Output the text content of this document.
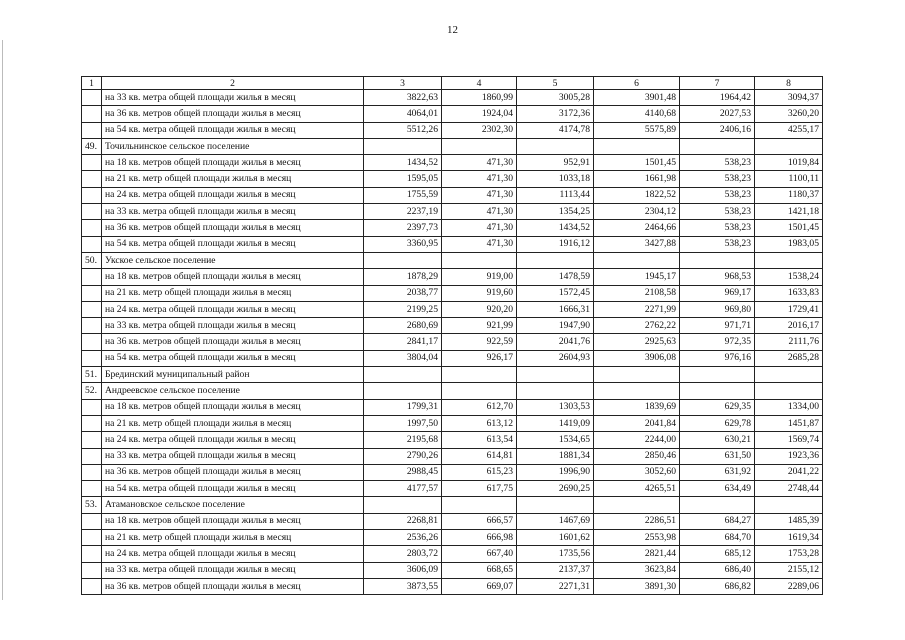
12
1	2	3	4	5	6	7	8
	на 33 кв. метра общей площади жилья в месяц	3822,63	1860,99	3005,28	3901,48	1964,42	3094,37
	на 36 кв. метров общей площади жилья в месяц	4064,01	1924,04	3172,36	4140,68	2027,53	3260,20
	на 54 кв. метра общей площади жилья в месяц	5512,26	2302,30	4174,78	5575,89	2406,16	4255,17
49.	Точильнинское сельское поселение						
	на 18 кв. метров общей площади жилья в месяц	1434,52	471,30	952,91	1501,45	538,23	1019,84
	на 21 кв. метр общей площади жилья в месяц	1595,05	471,30	1033,18	1661,98	538,23	1100,11
	на 24 кв. метра общей площади жилья в месяц	1755,59	471,30	1113,44	1822,52	538,23	1180,37
	на 33 кв. метра общей площади жилья в месяц	2237,19	471,30	1354,25	2304,12	538,23	1421,18
	на 36 кв. метров общей площади жилья в месяц	2397,73	471,30	1434,52	2464,66	538,23	1501,45
	на 54 кв. метра общей площади жилья в месяц	3360,95	471,30	1916,12	3427,88	538,23	1983,05
50.	Укское сельское поселение						
	на 18 кв. метров общей площади жилья в месяц	1878,29	919,00	1478,59	1945,17	968,53	1538,24
	на 21 кв. метр общей площади жилья в месяц	2038,77	919,60	1572,45	2108,58	969,17	1633,83
	на 24 кв. метра общей площади жилья в месяц	2199,25	920,20	1666,31	2271,99	969,80	1729,41
	на 33 кв. метра общей площади жилья в месяц	2680,69	921,99	1947,90	2762,22	971,71	2016,17
	на 36 кв. метров общей площади жилья в месяц	2841,17	922,59	2041,76	2925,63	972,35	2111,76
	на 54 кв. метра общей площади жилья в месяц	3804,04	926,17	2604,93	3906,08	976,16	2685,28
51.	Брединский муниципальный район						
52.	Андреевское сельское поселение						
	на 18 кв. метров общей площади жилья в месяц	1799,31	612,70	1303,53	1839,69	629,35	1334,00
	на 21 кв. метр общей площади жилья в месяц	1997,50	613,12	1419,09	2041,84	629,78	1451,87
	на 24 кв. метра общей площади жилья в месяц	2195,68	613,54	1534,65	2244,00	630,21	1569,74
	на 33 кв. метра общей площади жилья в месяц	2790,26	614,81	1881,34	2850,46	631,50	1923,36
	на 36 кв. метров общей площади жилья в месяц	2988,45	615,23	1996,90	3052,60	631,92	2041,22
	на 54 кв. метра общей площади жилья в месяц	4177,57	617,75	2690,25	4265,51	634,49	2748,44
53.	Атамановское сельское поселение						
	на 18 кв. метров общей площади жилья в месяц	2268,81	666,57	1467,69	2286,51	684,27	1485,39
	на 21 кв. метр общей площади жилья в месяц	2536,26	666,98	1601,62	2553,98	684,70	1619,34
	на 24 кв. метра общей площади жилья в месяц	2803,72	667,40	1735,56	2821,44	685,12	1753,28
	на 33 кв. метра общей площади жилья в месяц	3606,09	668,65	2137,37	3623,84	686,40	2155,12
	на 36 кв. метров общей площади жилья в месяц	3873,55	669,07	2271,31	3891,30	686,82	2289,06
